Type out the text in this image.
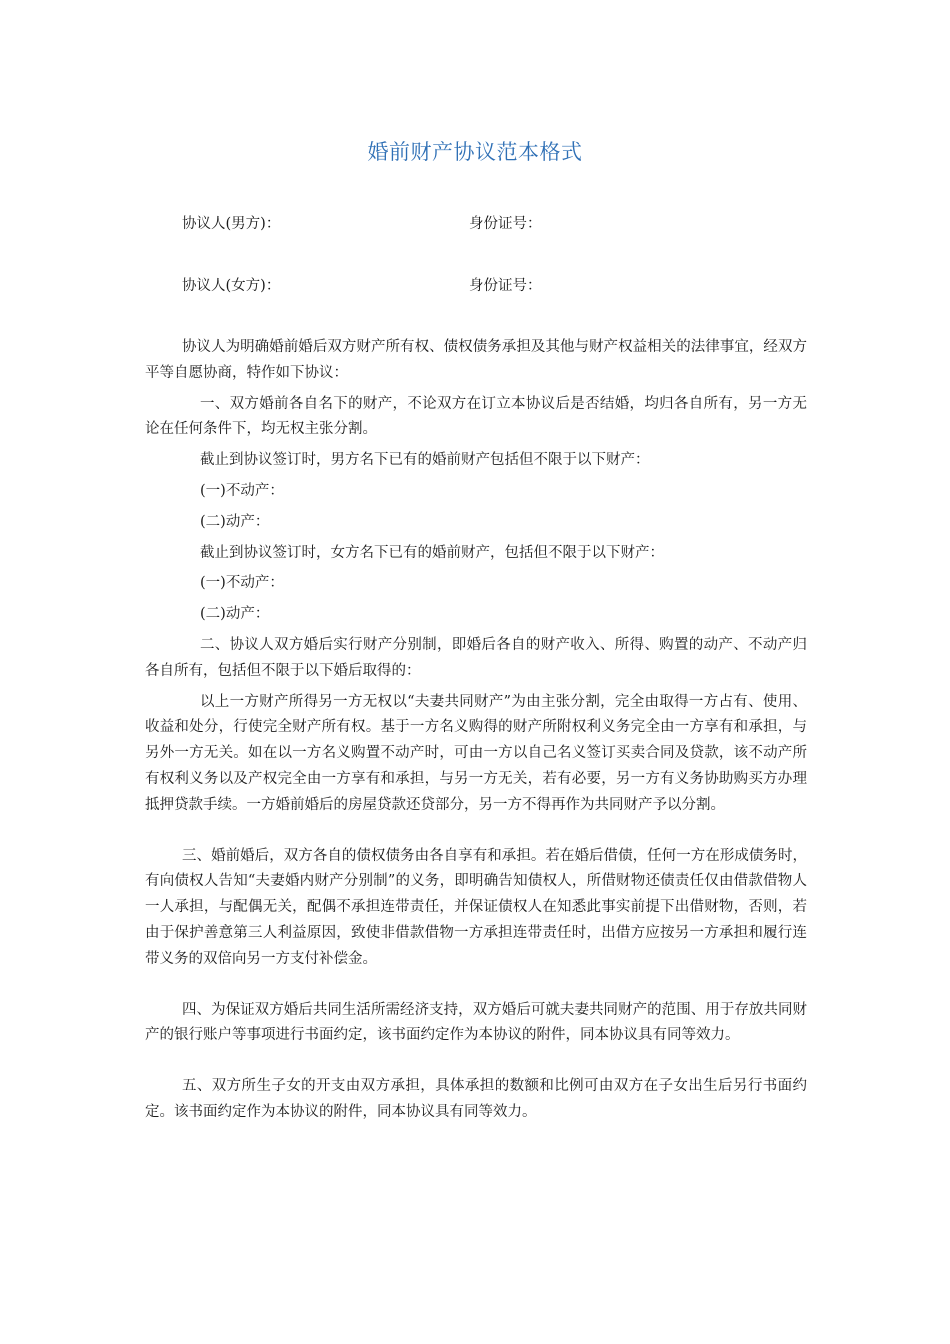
婚前财产协议范本格式
协议人(男方)：	身份证号：
协议人(女方)：	身份证号：

协议人为明确婚前婚后双方财产所有权、债权债务承担及其他与财产权益相关的法律事宜，经双方平等自愿协商，特作如下协议：

一、双方婚前各自名下的财产，不论双方在订立本协议后是否结婚，均归各自所有，另一方无论在任何条件下，均无权主张分割。

截止到协议签订时，男方名下已有的婚前财产包括但不限于以下财产：

(一)不动产：

(二)动产：

截止到协议签订时，女方名下已有的婚前财产，包括但不限于以下财产：

(一)不动产：

(二)动产：

二、协议人双方婚后实行财产分别制，即婚后各自的财产收入、所得、购置的动产、不动产归各自所有，包括但不限于以下婚后取得的：

以上一方财产所得另一方无权以“夫妻共同财产”为由主张分割，完全由取得一方占有、使用、收益和处分，行使完全财产所有权。基于一方名义购得的财产所附权利义务完全由一方享有和承担，与另外一方无关。如在以一方名义购置不动产时，可由一方以自己名义签订买卖合同及贷款，该不动产所有权利义务以及产权完全由一方享有和承担，与另一方无关，若有必要，另一方有义务协助购买方办理抵押贷款手续。一方婚前婚后的房屋贷款还贷部分，另一方不得再作为共同财产予以分割。

三、婚前婚后，双方各自的债权债务由各自享有和承担。若在婚后借债，任何一方在形成债务时，有向债权人告知“夫妻婚内财产分别制”的义务，即明确告知债权人，所借财物还债责任仅由借款借物人一人承担，与配偶无关，配偶不承担连带责任，并保证债权人在知悉此事实前提下出借财物，否则，若由于保护善意第三人利益原因，致使非借款借物一方承担连带责任时，出借方应按另一方承担和履行连带义务的双倍向另一方支付补偿金。

四、为保证双方婚后共同生活所需经济支持，双方婚后可就夫妻共同财产的范围、用于存放共同财产的银行账户等事项进行书面约定，该书面约定作为本协议的附件，同本协议具有同等效力。

五、双方所生子女的开支由双方承担，具体承担的数额和比例可由双方在子女出生后另行书面约定。该书面约定作为本协议的附件，同本协议具有同等效力。
